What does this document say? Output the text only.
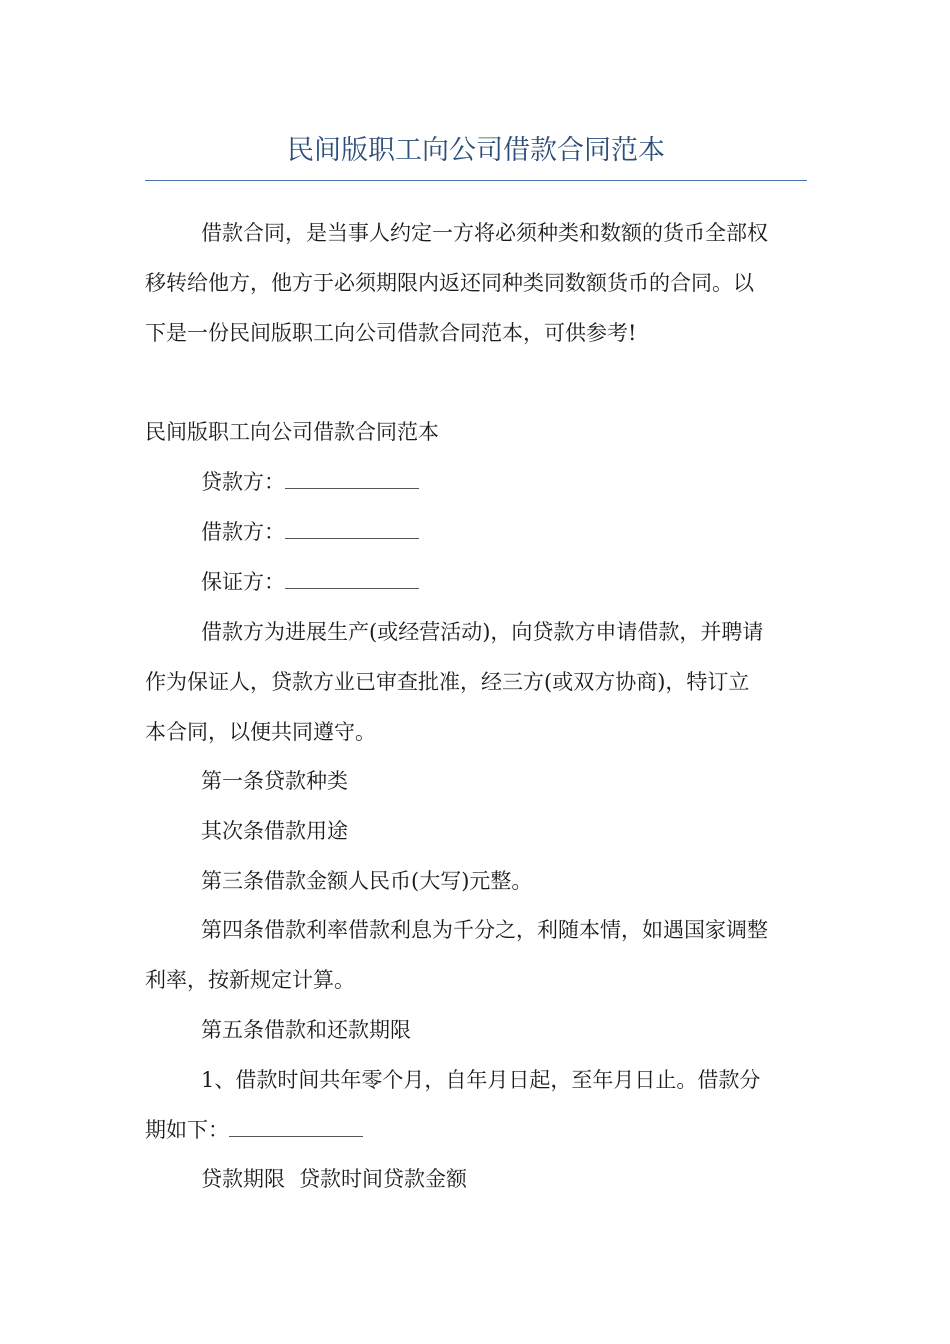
民间版职工向公司借款合同范本

借款合同，是当事人约定一方将必须种类和数额的货币全部权

移转给他方，他方于必须期限内返还同种类同数额货币的合同。以

下是一份民间版职工向公司借款合同范本，可供参考!

民间版职工向公司借款合同范本

贷款方：

借款方：

保证方：

借款方为进展生产(或经营活动)，向贷款方申请借款，并聘请

作为保证人，贷款方业已审查批准，经三方(或双方协商)，特订立

本合同，以便共同遵守。

第一条贷款种类

其次条借款用途

第三条借款金额人民币(大写)元整。

第四条借款利率借款利息为千分之，利随本情，如遇国家调整

利率，按新规定计算。

第五条借款和还款期限

1、借款时间共年零个月，自年月日起，至年月日止。借款分

期如下：

贷款期限 贷款时间贷款金额
